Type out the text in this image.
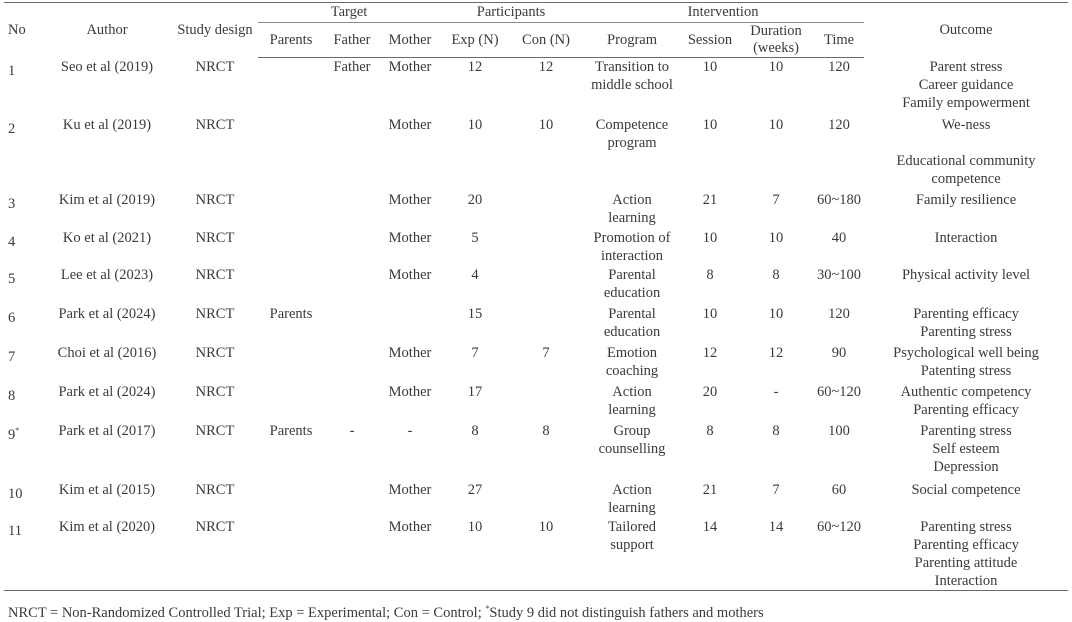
No	Author	Study design	Target			Participants		Intervention				Outcome
			Parents	Father	Mother	Exp (N)	Con (N)	Program	Session	Duration
(weeks)	Time	

1	Seo et al (2019)	NRCT		Father	Mother	12	12	Transition to
middle school	10	10	120	Parent stress
Career guidance
Family empowerment

2	Ku et al (2019)	NRCT			Mother	10	10	Competence
program	10	10	120	We-ness
Educational community
competence

3	Kim et al (2019)	NRCT			Mother	20		Action
learning	21	7	60~180	Family resilience

4	Ko et al (2021)	NRCT			Mother	5		Promotion of
interaction	10	10	40	Interaction

5	Lee et al (2023)	NRCT			Mother	4		Parental
education	8	8	30~100	Physical activity level

6	Park et al (2024)	NRCT	Parents			15		Parental
education	10	10	120	Parenting efficacy
Parenting stress

7	Choi et al (2016)	NRCT			Mother	7	7	Emotion
coaching	12	12	90	Psychological well being
Patenting stress

8	Park et al (2024)	NRCT			Mother	17		Action
learning	20	-	60~120	Authentic competency
Parenting efficacy

9*	Park et al (2017)	NRCT	Parents	-	-	8	8	Group
counselling	8	8	100	Parenting stress
Self esteem
Depression

10	Kim et al (2015)	NRCT			Mother	27		Action
learning	21	7	60	Social competence

11	Kim et al (2020)	NRCT			Mother	10	10	Tailored
support	14	14	60~120	Parenting stress
Parenting efficacy
Parenting attitude
Interaction
NRCT = Non-Randomized Controlled Trial; Exp = Experimental; Con = Control; *Study 9 did not distinguish fathers and mothers
